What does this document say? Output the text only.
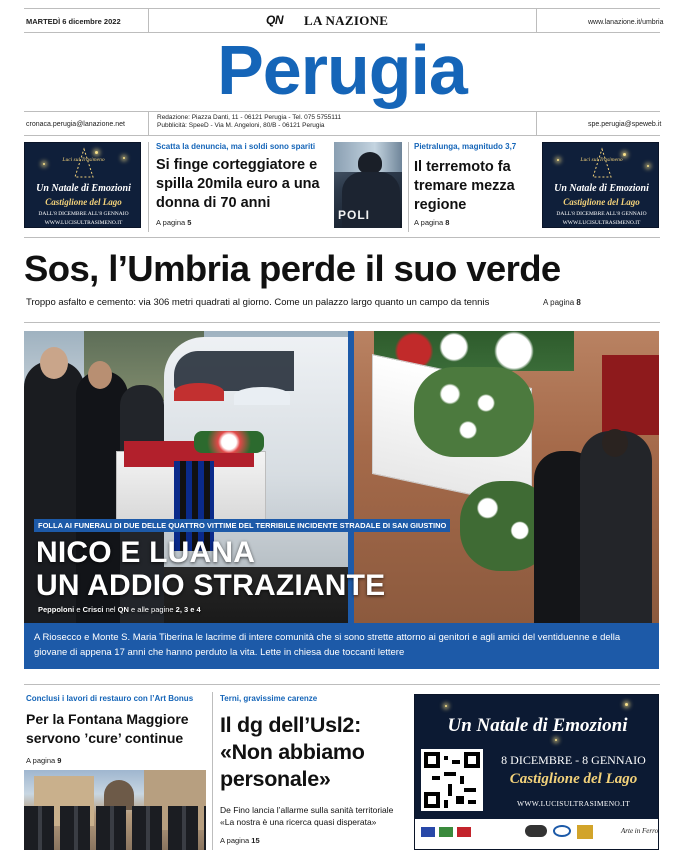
MARTEDÌ 6 dicembre 2022	QN LA NAZIONE	www.lanazione.it/umbria
Perugia
cronaca.perugia@lanazione.net
Redazione: Piazza Danti, 11 - 06121 Perugia - Tel. 075 5755111
Pubblicità: SpeeD - Via M. Angeloni, 80/B - 06121 Perugia	spe.perugia@speweb.it
Luci sul Trasimeno
Un Natale di Emozioni
Castiglione del Lago
DALL'8 DICEMBRE ALL'8 GENNAIO
WWW.LUCISULTRASIMENO.IT
Scatta la denuncia, ma i soldi sono spariti
Si finge corteggiatore e spilla 20mila euro a una donna di 70 anni
A pagina 5
POLI
Pietralunga, magnitudo 3,7
Il terremoto fa tremare mezza regione
A pagina 8
Luci sul Trasimeno
Un Natale di Emozioni
Castiglione del Lago
DALL'8 DICEMBRE ALL'8 GENNAIO
WWW.LUCISULTRASIMENO.IT
Sos, l’Umbria perde il suo verde
Troppo asfalto e cemento: via 306 metri quadrati al giorno. Come un palazzo largo quanto un campo da tennis	A pagina 8
FOLLA AI FUNERALI DI DUE DELLE QUATTRO VITTIME DEL TERRIBILE INCIDENTE STRADALE DI SAN GIUSTINO
NICO E LUANA
UN ADDIO STRAZIANTE
Peppoloni e Crisci nel QN e alle pagine 2, 3 e 4
A Riosecco e Monte S. Maria Tiberina le lacrime di intere comunità che si sono strette attorno ai genitori e agli amici del ventiduenne e della giovane di appena 17 anni che hanno perduto la vita. Lette in chiesa due toccanti lettere
Conclusi i lavori di restauro con l’Art Bonus
Per la Fontana Maggiore servono ’cure’ continue
A pagina 9
Terni, gravissime carenze
Il dg dell’Usl2: «Non abbiamo personale»
De Fino lancia l’allarme sulla sanità territoriale «La nostra è una ricerca quasi disperata»
A pagina 15
Un Natale di Emozioni
8 DICEMBRE - 8 GENNAIO
Castiglione del Lago
WWW.LUCISULTRASIMENO.IT
Arte in Ferro
